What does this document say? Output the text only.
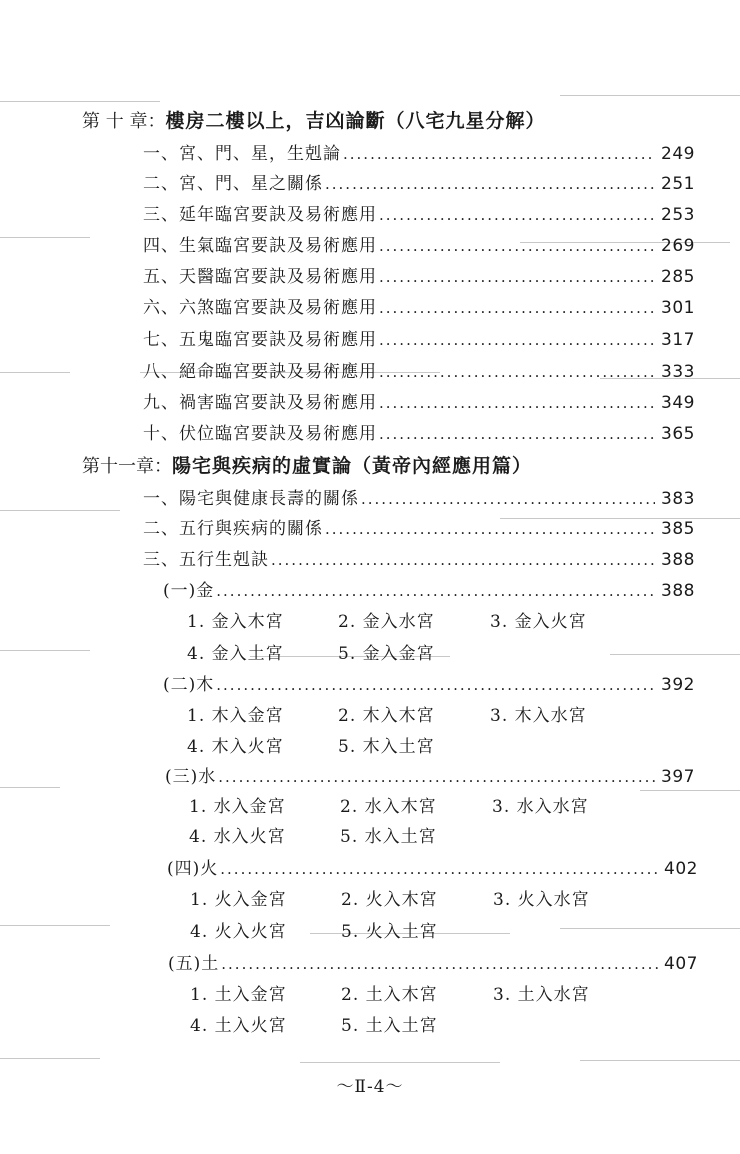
第 十 章：樓房二樓以上，吉凶論斷（八宅九星分解）
一、宮、門、星，生剋論 .....	249
二、宮、門、星之關係 .....	251
三、延年臨宮要訣及易術應用 .....	253
四、生氣臨宮要訣及易術應用 .....	269
五、天醫臨宮要訣及易術應用 .....	285
六、六煞臨宮要訣及易術應用 .....	301
七、五鬼臨宮要訣及易術應用 .....	317
八、絕命臨宮要訣及易術應用 .....	333
九、禍害臨宮要訣及易術應用 .....	349
十、伏位臨宮要訣及易術應用 .....	365
第十一章：陽宅與疾病的虛實論（黃帝內經應用篇）
一、陽宅與健康長壽的關係 .....	383
二、五行與疾病的關係 .....	385
三、五行生剋訣 .....	388
(一)金 .....	388
1. 金入木宮	2. 金入水宮	3. 金入火宮
4. 金入土宮	5. 金入金宮
(二)木 .....	392
1. 木入金宮	2. 木入木宮	3. 木入水宮
4. 木入火宮	5. 木入土宮
(三)水 .....	397
1. 水入金宮	2. 水入木宮	3. 水入水宮
4. 水入火宮	5. 水入土宮
(四)火 .....	402
1. 火入金宮	2. 火入木宮	3. 火入水宮
4. 火入火宮	5. 火入土宮
(五)土 .....	407
1. 土入金宮	2. 土入木宮	3. 土入水宮
4. 土入火宮	5. 土入土宮
～Ⅱ-4～
